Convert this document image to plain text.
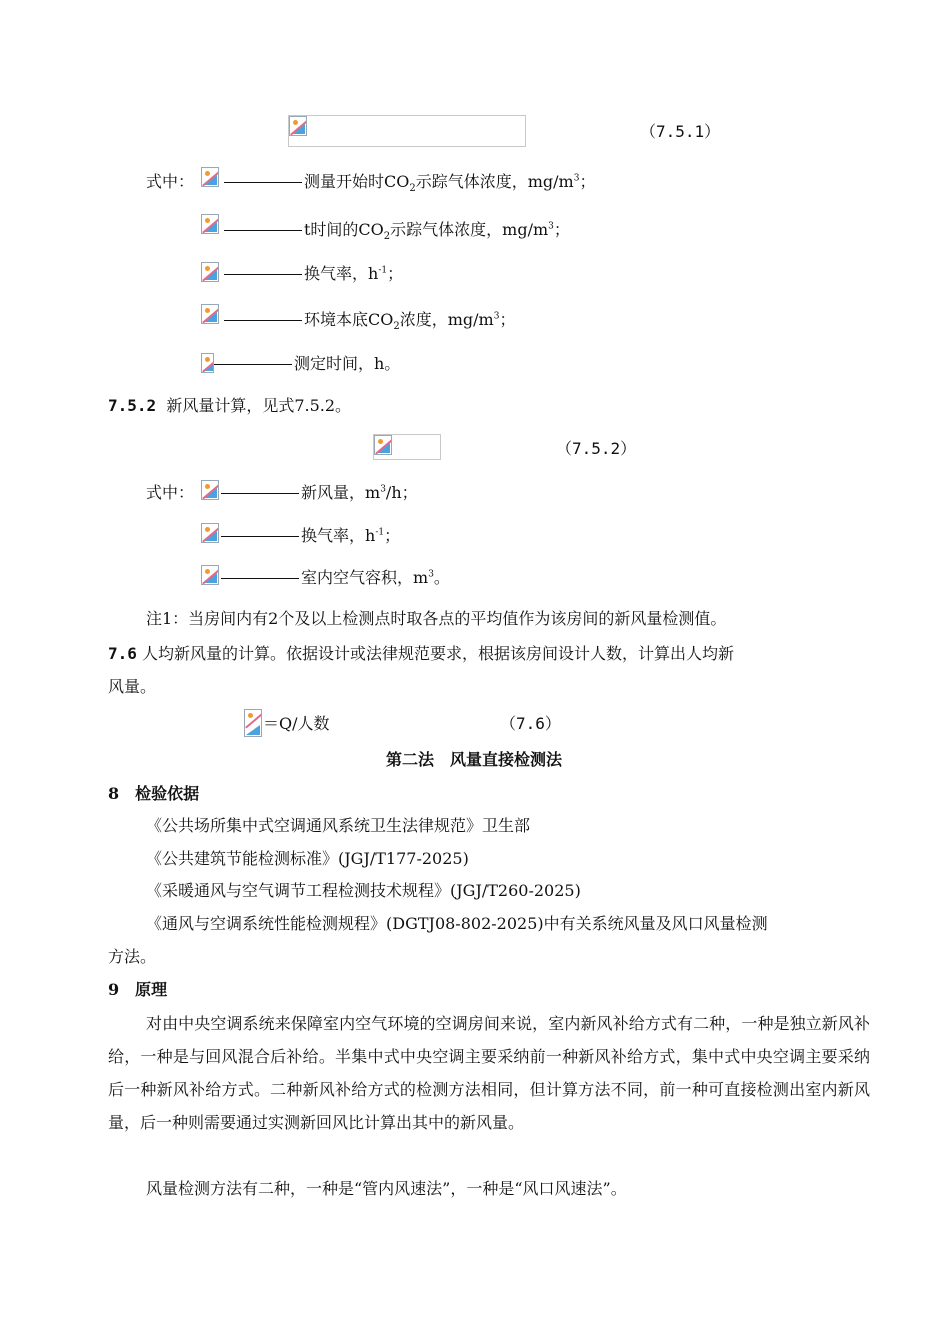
（7.5.1）
式中：	测量开始时$CO_2$示踪气体浓度，$mg/m^3$；
t时间的$CO_2$示踪气体浓度，$mg/m^3$；
换气率，$h^{-1}$；
环境本底$CO_2$浓度，$mg/m^3$；
测定时间，h。
7.5.2 新风量计算，见式7.5.2。
（7.5.2）
式中：	新风量，$m^3/h$；
换气率，$h^{-1}$；
室内空气容积，$m^3$。
注1：当房间内有2个及以上检测点时取各点的平均值作为该房间的新风量检测值。
7.6 人均新风量的计算。依据设计或法律规范要求，根据该房间设计人数，计算出人均新
风量。
＝Q/人数	（7.6）
第二法　风量直接检测法
8　检验依据
《公共场所集中式空调通风系统卫生法律规范》卫生部
《公共建筑节能检测标准》(JGJ/T177-2025)
《采暖通风与空气调节工程检测技术规程》(JGJ/T260-2025)
《通风与空调系统性能检测规程》(DGTJ08-802-2025)中有关系统风量及风口风量检测
方法。
9　原理
对由中央空调系统来保障室内空气环境的空调房间来说，室内新风补给方式有二种，一种是独立新风补给，一种是与回风混合后补给。半集中式中央空调主要采纳前一种新风补给方式，集中式中央空调主要采纳后一种新风补给方式。二种新风补给方式的检测方法相同，但计算方法不同，前一种可直接检测出室内新风量，后一种则需要通过实测新回风比计算出其中的新风量。
风量检测方法有二种，一种是“管内风速法”，一种是“风口风速法”。
